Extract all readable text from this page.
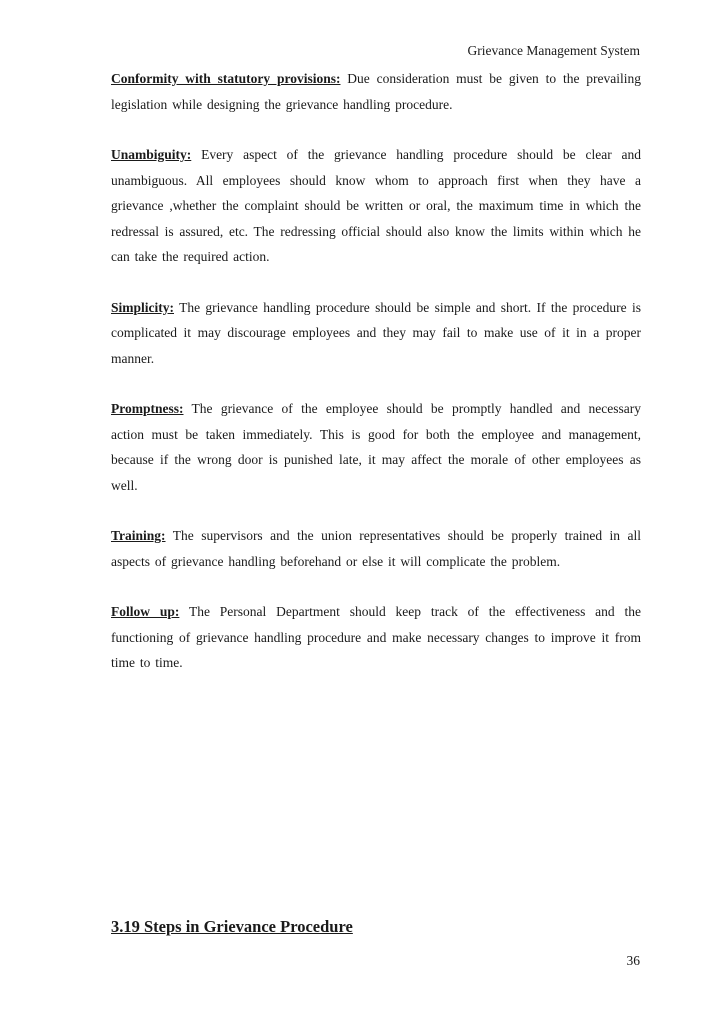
Grievance Management System

Conformity with statutory provisions: Due consideration must be given to the prevailing legislation while designing the grievance handling procedure.

Unambiguity: Every aspect of the grievance handling procedure should be clear and unambiguous. All employees should know whom to approach first when they have a grievance ,whether the complaint should be written or oral, the maximum time in which the redressal is assured, etc. The redressing official should also know the limits within which he can take the required action.

Simplicity: The grievance handling procedure should be simple and short. If the procedure is complicated it may discourage employees and they may fail to make use of it in a proper manner.

Promptness: The grievance of the employee should be promptly handled and necessary action must be taken immediately. This is good for both the employee and management, because if the wrong door is punished late, it may affect the morale of other employees as well.

Training: The supervisors and the union representatives should be properly trained in all aspects of grievance handling beforehand or else it will complicate the problem.

Follow up: The Personal Department should keep track of the effectiveness and the functioning of grievance handling procedure and make necessary changes to improve it from time to time.

3.19 Steps in Grievance Procedure
36
